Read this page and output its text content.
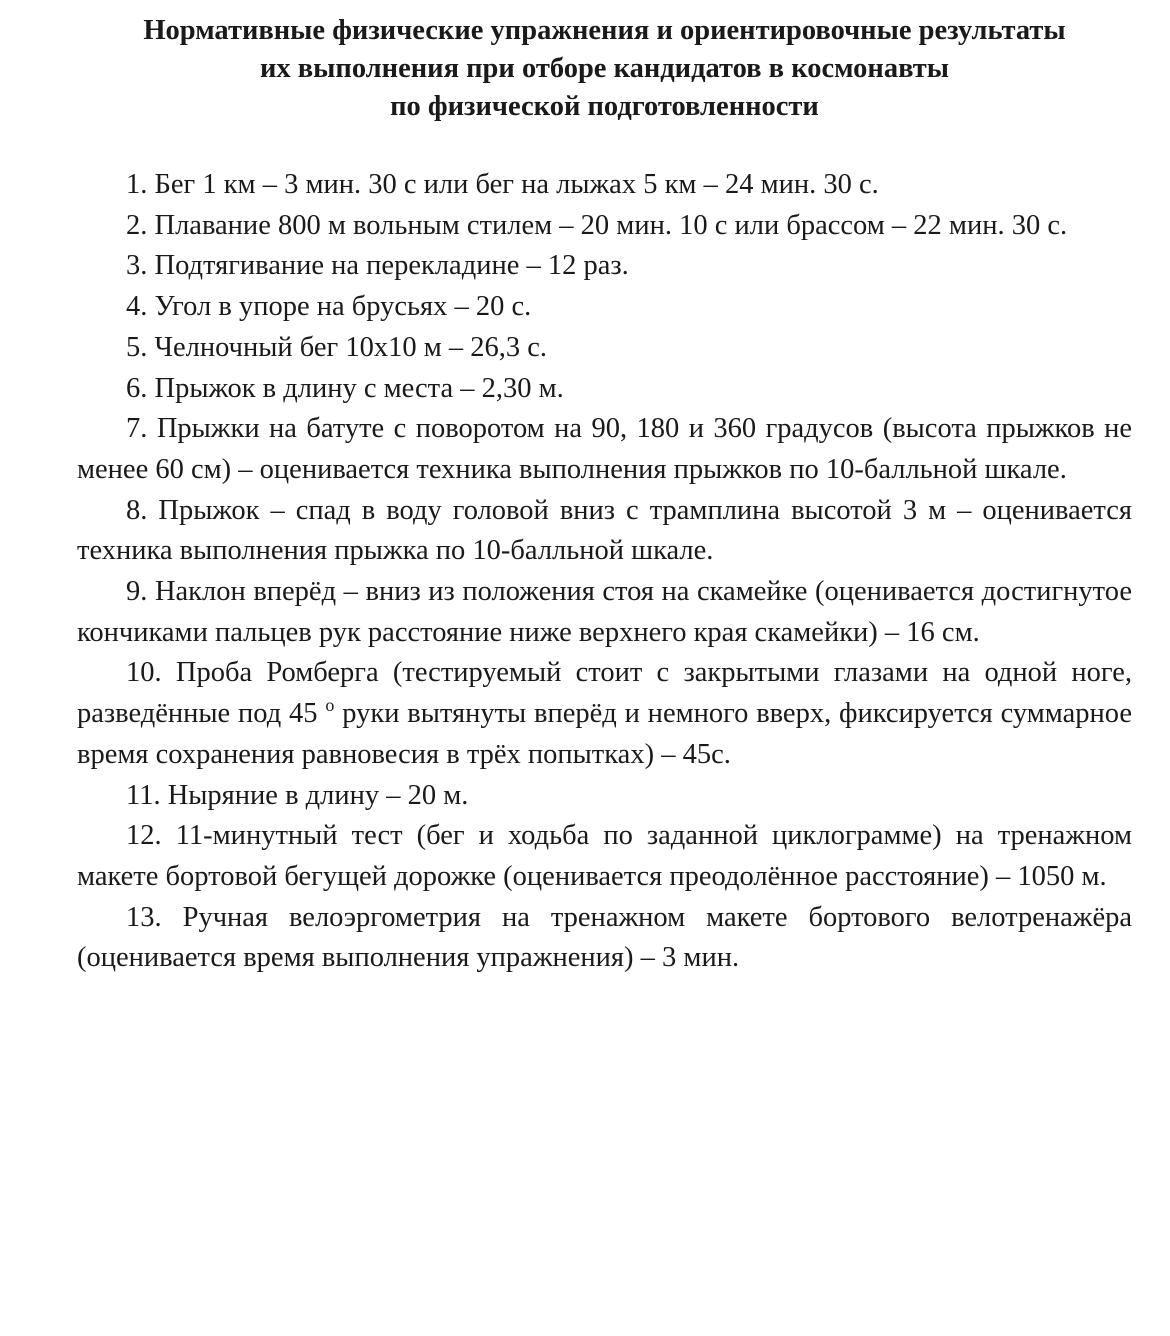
Нормативные физические упражнения и ориентировочные результаты
их выполнения при отборе кандидатов в космонавты
по физической подготовленности

1. Бег 1 км – 3 мин. 30 с или бег на лыжах 5 км – 24 мин. 30 с.

2. Плавание 800 м вольным стилем – 20 мин. 10 с или брассом – 22 мин. 30 с.

3. Подтягивание на перекладине – 12 раз.

4. Угол в упоре на брусьях – 20 с.

5. Челночный бег 10х10 м – 26,3 с.

6. Прыжок в длину с места – 2,30 м.

7. Прыжки на батуте с поворотом на 90, 180 и 360 градусов (высота прыжков не менее 60 см) – оценивается техника выполнения прыжков по 10-балльной шкале.

8. Прыжок – спад в воду головой вниз с трамплина высотой 3 м – оценивается техника выполнения прыжка по 10-балльной шкале.

9. Наклон вперёд – вниз из положения стоя на скамейке (оценивается достигнутое кончиками пальцев рук расстояние ниже верхнего края скамейки) – 16 см.

10. Проба Ромберга (тестируемый стоит с закрытыми глазами на одной ноге, разведённые под 45 $^о$ руки вытянуты вперёд и немного вверх, фиксируется суммарное время сохранения равновесия в трёх попытках) – 45с.

11. Ныряние в длину – 20 м.

12. 11-минутный тест (бег и ходьба по заданной циклограмме) на тренажном макете бортовой бегущей дорожке (оценивается преодолённое расстояние) – 1050 м.

13. Ручная велоэргометрия на тренажном макете бортового велотренажёра (оценивается время выполнения упражнения) – 3 мин.
